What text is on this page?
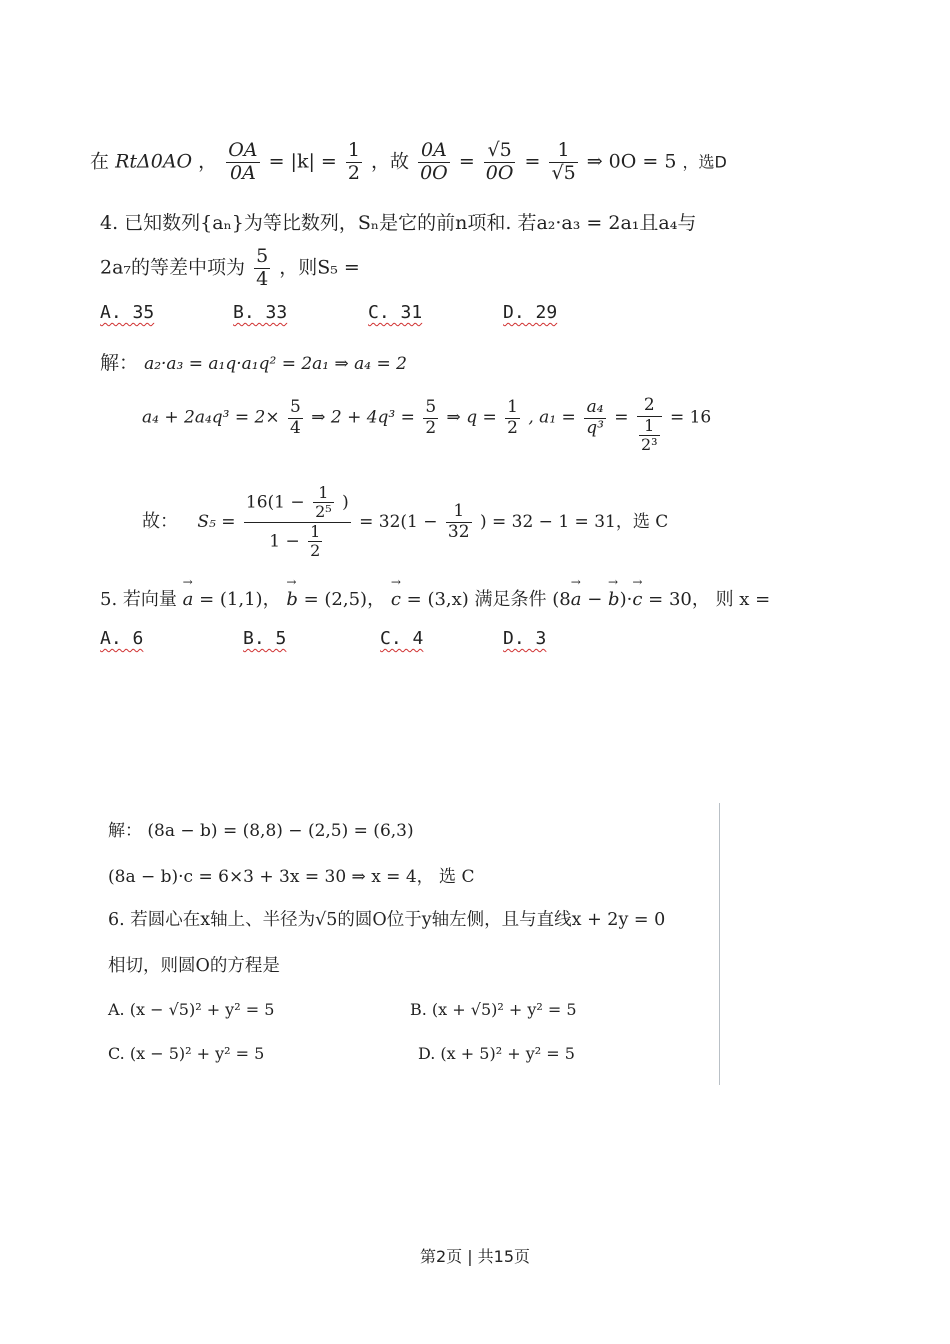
在 RtΔ0AO ， $\frac{OA}{0A} = |k| = \frac{1}{2}$ ，故 $\frac{0A}{0O} = \frac{√5}{0O} = \frac{1}{√5}$ ⇒ 0O = 5 ，选D
4. 已知数列{aₙ}为等比数列，Sₙ是它的前n项和. 若a₂·a₃ = 2a₁且a₄与
2a₇的等差中项为 $\frac{5}{4}$ ，则S₅ =
A. 35	B. 33	C. 31	D. 29
解： a₂·a₃ = a₁q·a₁q² = 2a₁ ⇒ a₄ = 2
$a_4 + 2a_4q^3 = 2\times \frac{5}{4}$ ⇒ $2 + 4q^3 = \frac{5}{2}$ ⇒ $q = \frac{1}{2}$ , $a_1 = \frac{\text{a₄}}{\text{q³}} = \frac{2}{\frac{1}{\text{2³}}} = 16$
故： $S_5 = \frac{16(1 - \frac{1}{\text{2⁵}} )}{1 - \frac{1}{2}} = 32(1 - \frac{1}{32}$ ) = 32 − 1 = 31，选 C
5. 若向量 → a = (1,1)， → b = (2,5)， → c = (3,x) 满足条件 (8→ a − → b)·→ c = 30， 则 x =
A. 6	B. 5	C. 4	D. 3
解： (8a − b) = (8,8) − (2,5) = (6,3)
(8a − b)·c = 6×3 + 3x = 30 ⇒ x = 4， 选 C
6. 若圆心在x轴上、半径为√5的圆O位于y轴左侧，且与直线x + 2y = 0
相切，则圆O的方程是
A. (x − √5)² + y² = 5	B. (x + √5)² + y² = 5
C. (x − 5)² + y² = 5	D. (x + 5)² + y² = 5
第2页 | 共15页
